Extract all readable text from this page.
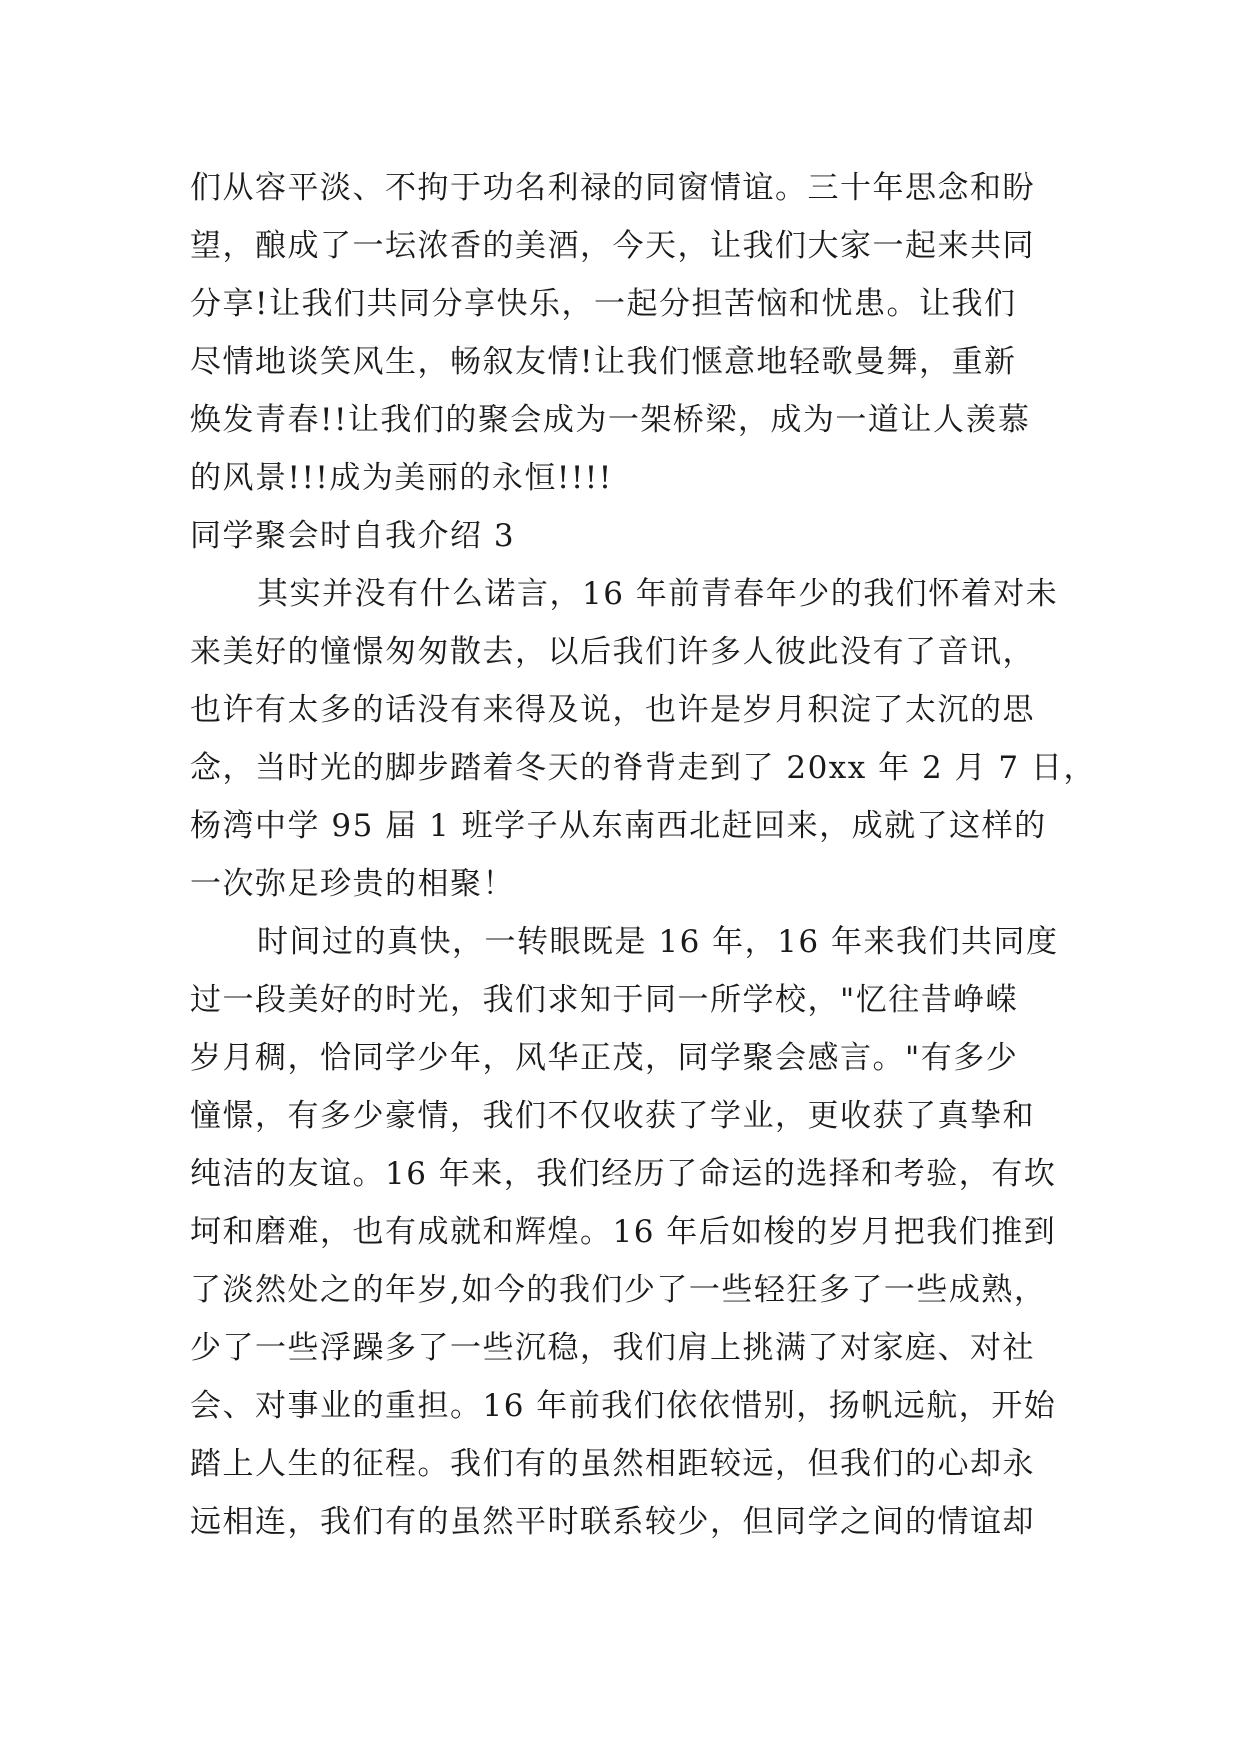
们从容平淡、不拘于功名利禄的同窗情谊。三十年思念和盼
望，酿成了一坛浓香的美酒，今天，让我们大家一起来共同
分享!让我们共同分享快乐，一起分担苦恼和忧患。让我们
尽情地谈笑风生，畅叙友情!让我们惬意地轻歌曼舞，重新
焕发青春!!让我们的聚会成为一架桥梁，成为一道让人羡慕
的风景!!!成为美丽的永恒!!!!
同学聚会时自我介绍 3
其实并没有什么诺言，16 年前青春年少的我们怀着对未
来美好的憧憬匆匆散去，以后我们许多人彼此没有了音讯，
也许有太多的话没有来得及说，也许是岁月积淀了太沉的思
念，当时光的脚步踏着冬天的脊背走到了 20xx 年 2 月 7 日，
杨湾中学 95 届 1 班学子从东南西北赶回来，成就了这样的
一次弥足珍贵的相聚！
时间过的真快，一转眼既是 16 年，16 年来我们共同度
过一段美好的时光，我们求知于同一所学校，"忆往昔峥嵘
岁月稠，恰同学少年，风华正茂，同学聚会感言。"有多少
憧憬，有多少豪情，我们不仅收获了学业，更收获了真挚和
纯洁的友谊。16 年来，我们经历了命运的选择和考验，有坎
坷和磨难，也有成就和辉煌。16 年后如梭的岁月把我们推到
了淡然处之的年岁,如今的我们少了一些轻狂多了一些成熟，
少了一些浮躁多了一些沉稳，我们肩上挑满了对家庭、对社
会、对事业的重担。16 年前我们依依惜别，扬帆远航，开始
踏上人生的征程。我们有的虽然相距较远，但我们的心却永
远相连，我们有的虽然平时联系较少，但同学之间的情谊却
